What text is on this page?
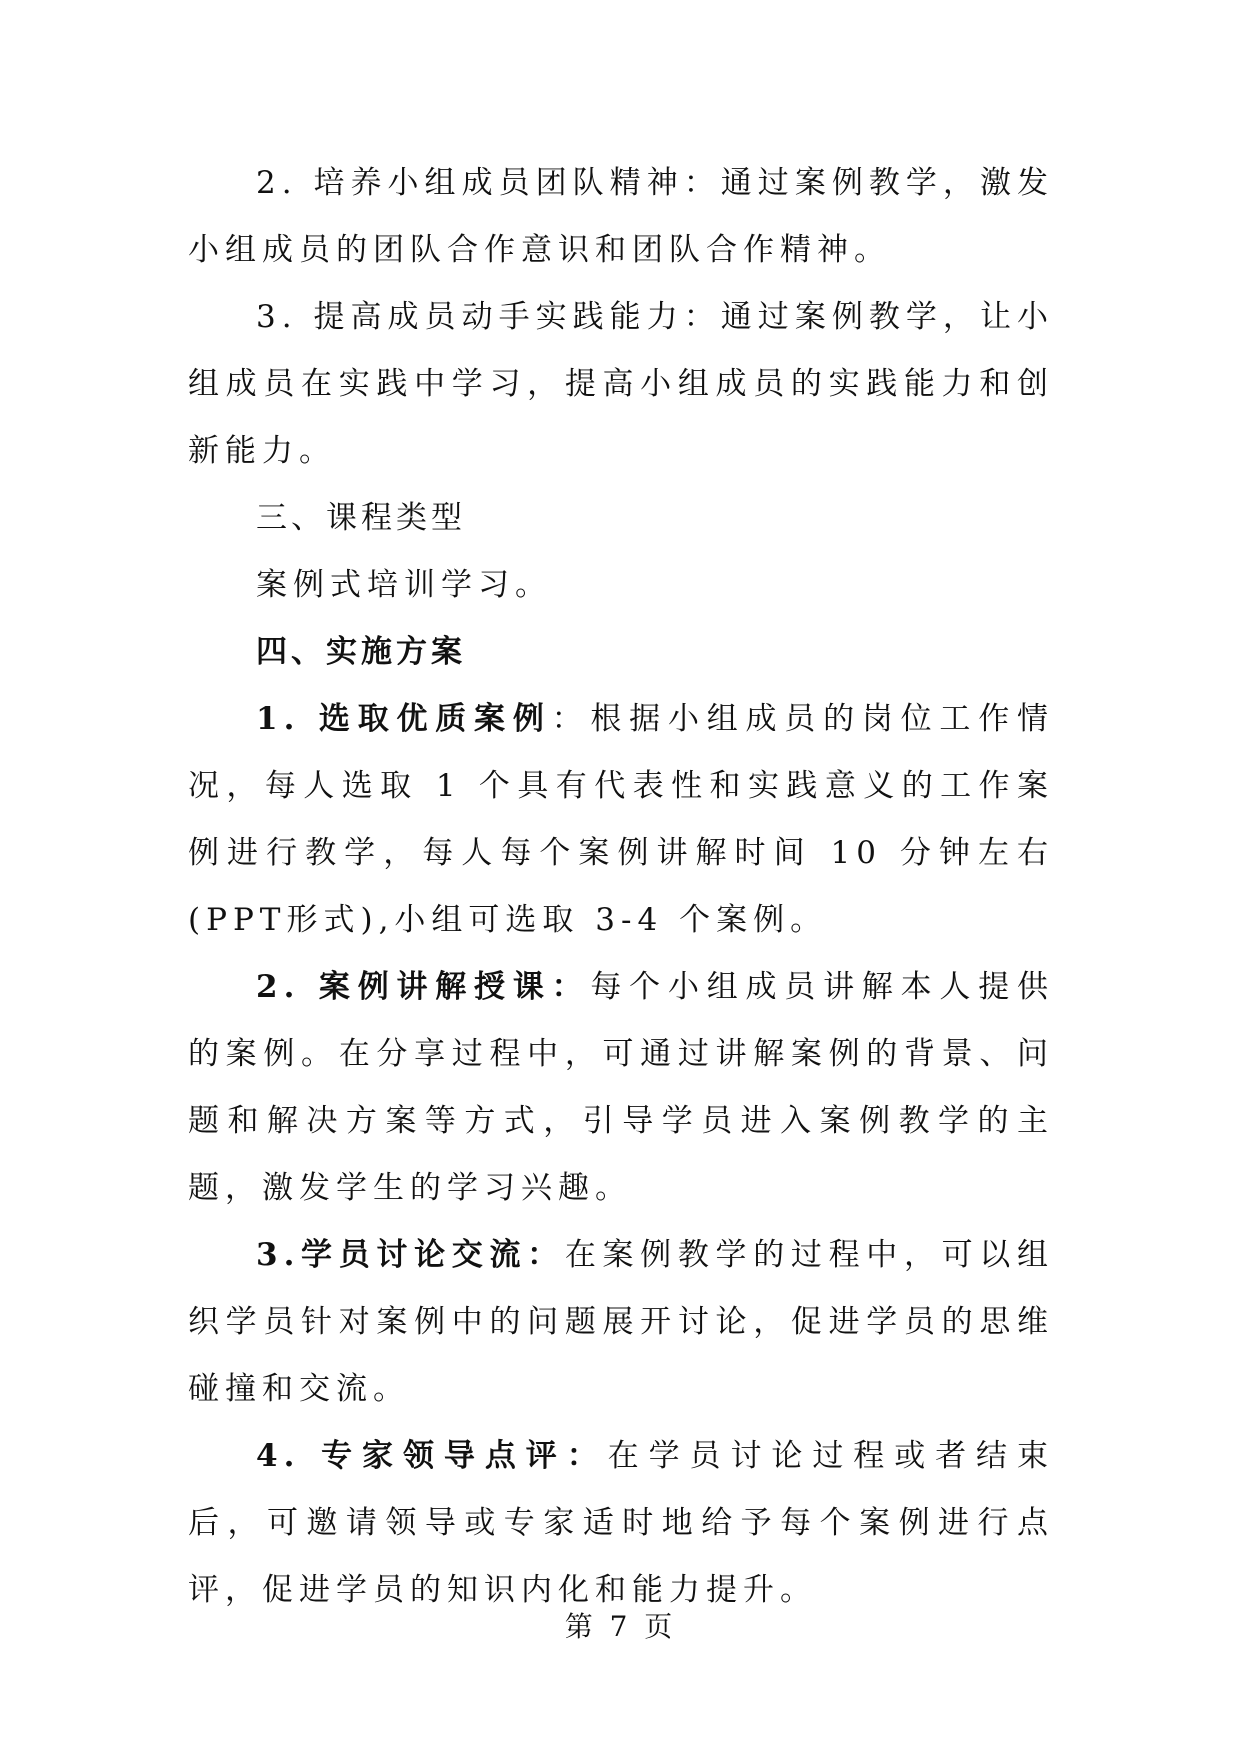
2. 培养小组成员团队精神：通过案例教学，激发小组成员的团队合作意识和团队合作精神。

3. 提高成员动手实践能力：通过案例教学，让小组成员在实践中学习，提高小组成员的实践能力和创新能力。

三、课程类型

案例式培训学习。

四、实施方案

1. 选取优质案例：根据小组成员的岗位工作情况，每人选取 1 个具有代表性和实践意义的工作案例进行教学，每人每个案例讲解时间 10 分钟左右(PPT形式),小组可选取 3-4 个案例。

2. 案例讲解授课：每个小组成员讲解本人提供的案例。在分享过程中，可通过讲解案例的背景、问题和解决方案等方式，引导学员进入案例教学的主题，激发学生的学习兴趣。

3.学员讨论交流：在案例教学的过程中，可以组织学员针对案例中的问题展开讨论，促进学员的思维碰撞和交流。

4. 专家领导点评：在学员讨论过程或者结束后，可邀请领导或专家适时地给予每个案例进行点评，促进学员的知识内化和能力提升。

第 7 页
